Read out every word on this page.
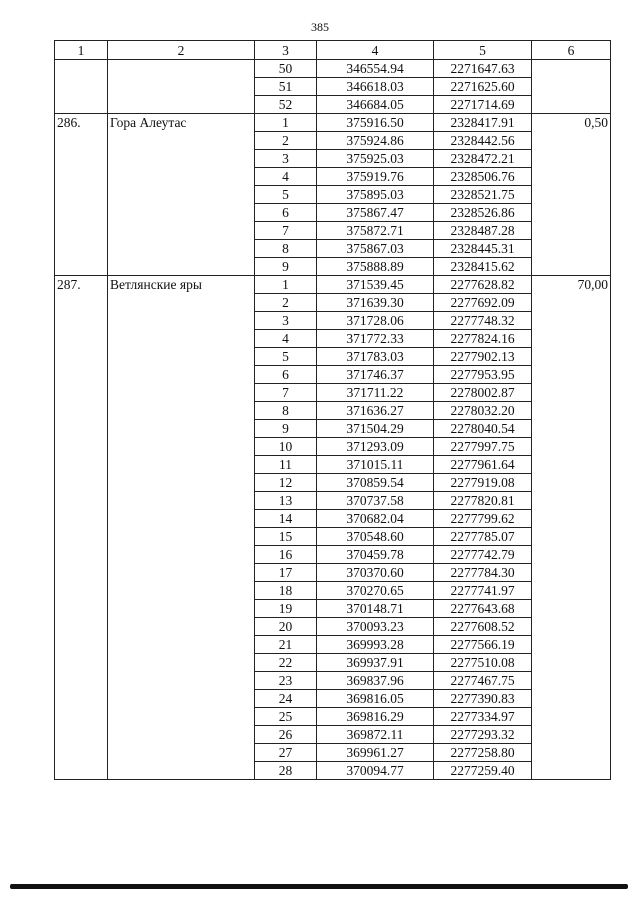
385
1	2	3	4	5	6
		50	346554.94	2271647.63	
		51	346618.03	2271625.60	
		52	346684.05	2271714.69	
286.	Гора Алеутас	1	375916.50	2328417.91	0,50
		2	375924.86	2328442.56	
		3	375925.03	2328472.21	
		4	375919.76	2328506.76	
		5	375895.03	2328521.75	
		6	375867.47	2328526.86	
		7	375872.71	2328487.28	
		8	375867.03	2328445.31	
		9	375888.89	2328415.62	
287.	Ветлянские яры	1	371539.45	2277628.82	70,00
		2	371639.30	2277692.09	
		3	371728.06	2277748.32	
		4	371772.33	2277824.16	
		5	371783.03	2277902.13	
		6	371746.37	2277953.95	
		7	371711.22	2278002.87	
		8	371636.27	2278032.20	
		9	371504.29	2278040.54	
		10	371293.09	2277997.75	
		11	371015.11	2277961.64	
		12	370859.54	2277919.08	
		13	370737.58	2277820.81	
		14	370682.04	2277799.62	
		15	370548.60	2277785.07	
		16	370459.78	2277742.79	
		17	370370.60	2277784.30	
		18	370270.65	2277741.97	
		19	370148.71	2277643.68	
		20	370093.23	2277608.52	
		21	369993.28	2277566.19	
		22	369937.91	2277510.08	
		23	369837.96	2277467.75	
		24	369816.05	2277390.83	
		25	369816.29	2277334.97	
		26	369872.11	2277293.32	
		27	369961.27	2277258.80	
		28	370094.77	2277259.40	
